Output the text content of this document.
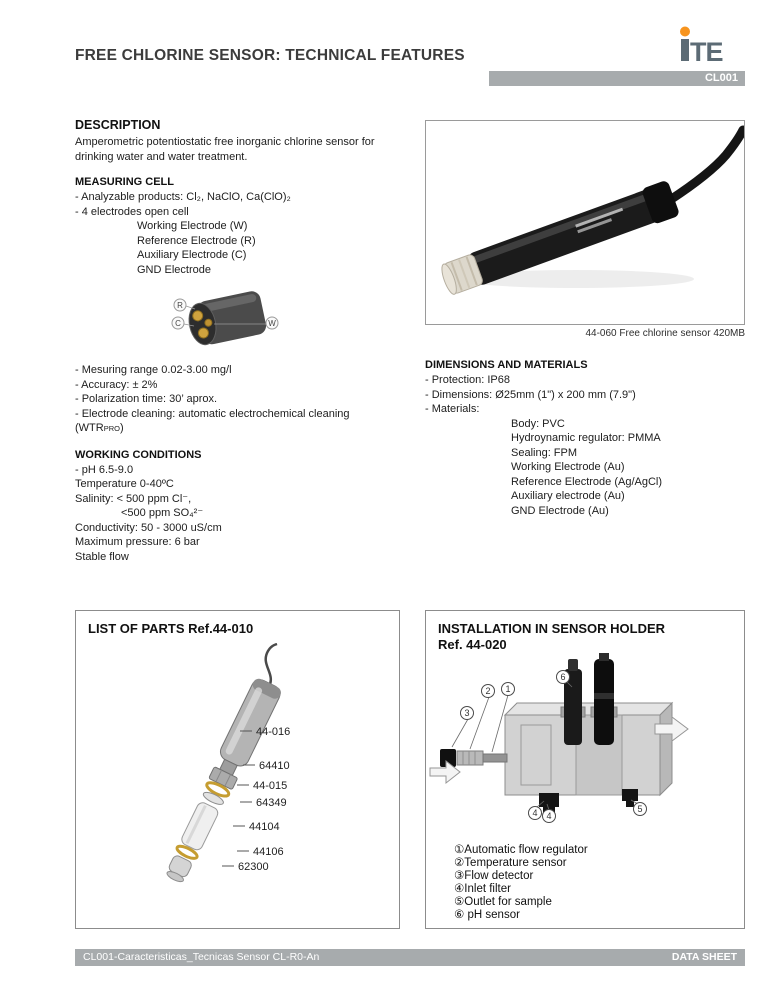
FREE CHLORINE SENSOR: TECHNICAL FEATURES	TE
CL001
DESCRIPTION

Amperometric potentiostatic free inorganic chlorine sensor for drinking water and water treatment.

MEASURING CELL
- Analyzable products: Cl₂, NaClO, Ca(ClO)₂
- 4 electrodes open cell
Working Electrode (W)
Reference Electrode (R)
Auxiliary Electrode (C)
GND Electrode
R
C	W
- Mesuring range 0.02-3.00 mg/l
- Accuracy: ± 2%
- Polarization time: 30’ aprox.
- Electrode cleaning: automatic electrochemical cleaning
(WTRPRO)
WORKING CONDITIONS
- pH 6.5-9.0
Temperature 0-40ºC
Salinity: < 500 ppm Cl⁻,
<500 ppm SO₄²⁻
Conductivity: 50 - 3000 uS/cm
Maximum pressure: 6 bar
Stable flow
44-060 Free chlorine sensor 420MB
DIMENSIONS AND MATERIALS
- Protection: IP68
- Dimensions: Ø25mm (1") x 200 mm (7.9")
- Materials:
Body: PVC
Hydroynamic regulator: PMMA
Sealing: FPM
Working Electrode (Au)
Reference Electrode (Ag/AgCl)
Auxiliary electrode (Au)
GND Electrode (Au)
LIST OF PARTS Ref.44-010
44-016
64410
44-015
64349
44104
44106
62300
INSTALLATION IN SENSOR HOLDER
Ref. 44-020
2 1
3
6
4 4
5
①Automatic flow regulator
②Temperature sensor
③Flow detector
④Inlet filter
⑤Outlet for sample
⑥ pH sensor
CL001-Caracteristicas_Tecnicas Sensor CL-R0-An	DATA SHEET
